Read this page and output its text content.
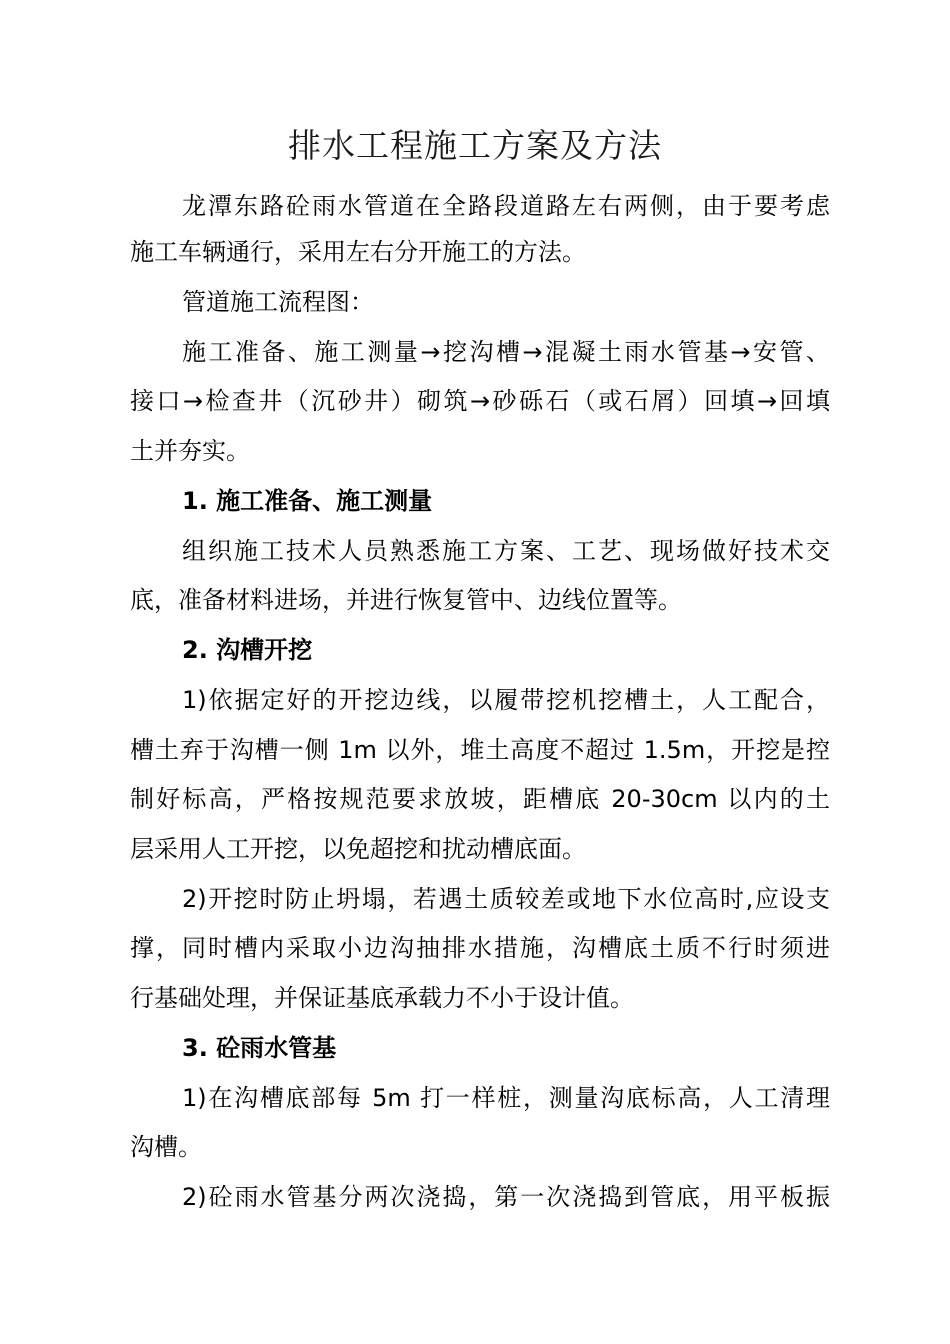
排水工程施工方案及方法
龙潭东路砼雨水管道在全路段道路左右两侧，由于要考虑
施工车辆通行，采用左右分开施工的方法。
管道施工流程图：
施工准备、施工测量→挖沟槽→混凝土雨水管基→安管、
接口→检查井（沉砂井）砌筑→砂砾石（或石屑）回填→回填
土并夯实。
1. 施工准备、施工测量
组织施工技术人员熟悉施工方案、工艺、现场做好技术交
底，准备材料进场，并进行恢复管中、边线位置等。
2. 沟槽开挖
1)依据定好的开挖边线，以履带挖机挖槽土，人工配合，
槽土弃于沟槽一侧 1m 以外，堆土高度不超过 1.5m，开挖是控
制好标高，严格按规范要求放坡，距槽底 20-30cm 以内的土
层采用人工开挖，以免超挖和扰动槽底面。
2)开挖时防止坍塌，若遇土质较差或地下水位高时,应设支
撑，同时槽内采取小边沟抽排水措施，沟槽底土质不行时须进
行基础处理，并保证基底承载力不小于设计值。
3. 砼雨水管基
1)在沟槽底部每 5m 打一样桩，测量沟底标高，人工清理
沟槽。
2)砼雨水管基分两次浇捣，第一次浇捣到管底，用平板振
